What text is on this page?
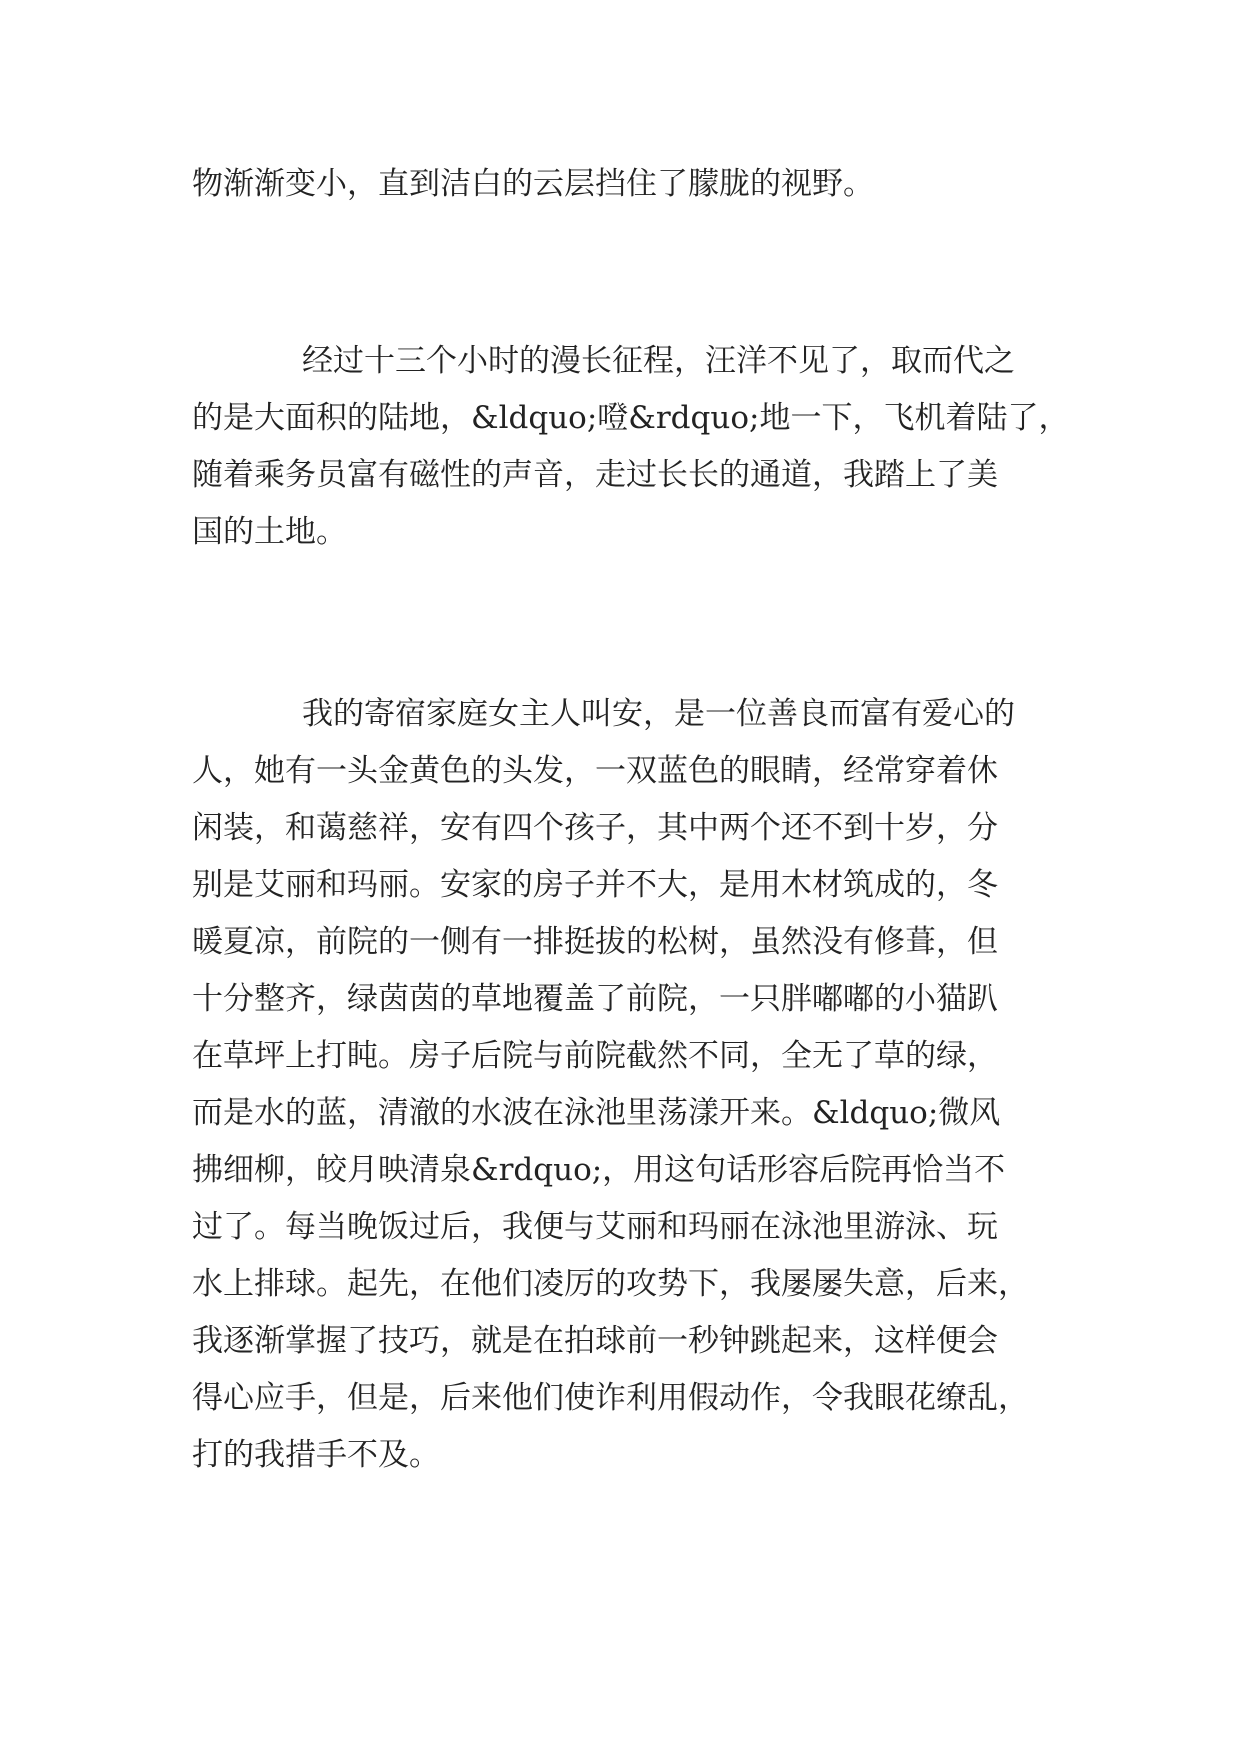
物渐渐变小，直到洁白的云层挡住了朦胧的视野。

经过十三个小时的漫长征程，汪洋不见了，取而代之
的是大面积的陆地，&ldquo;噔&rdquo;地一下，飞机着陆了，
随着乘务员富有磁性的声音，走过长长的通道，我踏上了美
国的土地。

我的寄宿家庭女主人叫安，是一位善良而富有爱心的
人，她有一头金黄色的头发，一双蓝色的眼睛，经常穿着休
闲装，和蔼慈祥，安有四个孩子，其中两个还不到十岁，分
别是艾丽和玛丽。安家的房子并不大，是用木材筑成的，冬
暖夏凉，前院的一侧有一排挺拔的松树，虽然没有修葺，但
十分整齐，绿茵茵的草地覆盖了前院，一只胖嘟嘟的小猫趴
在草坪上打盹。房子后院与前院截然不同，全无了草的绿，
而是水的蓝，清澈的水波在泳池里荡漾开来。&ldquo;微风
拂细柳，皎月映清泉&rdquo;，用这句话形容后院再恰当不
过了。每当晚饭过后，我便与艾丽和玛丽在泳池里游泳、玩
水上排球。起先，在他们凌厉的攻势下，我屡屡失意，后来，
我逐渐掌握了技巧，就是在拍球前一秒钟跳起来，这样便会
得心应手，但是，后来他们使诈利用假动作，令我眼花缭乱，
打的我措手不及。
